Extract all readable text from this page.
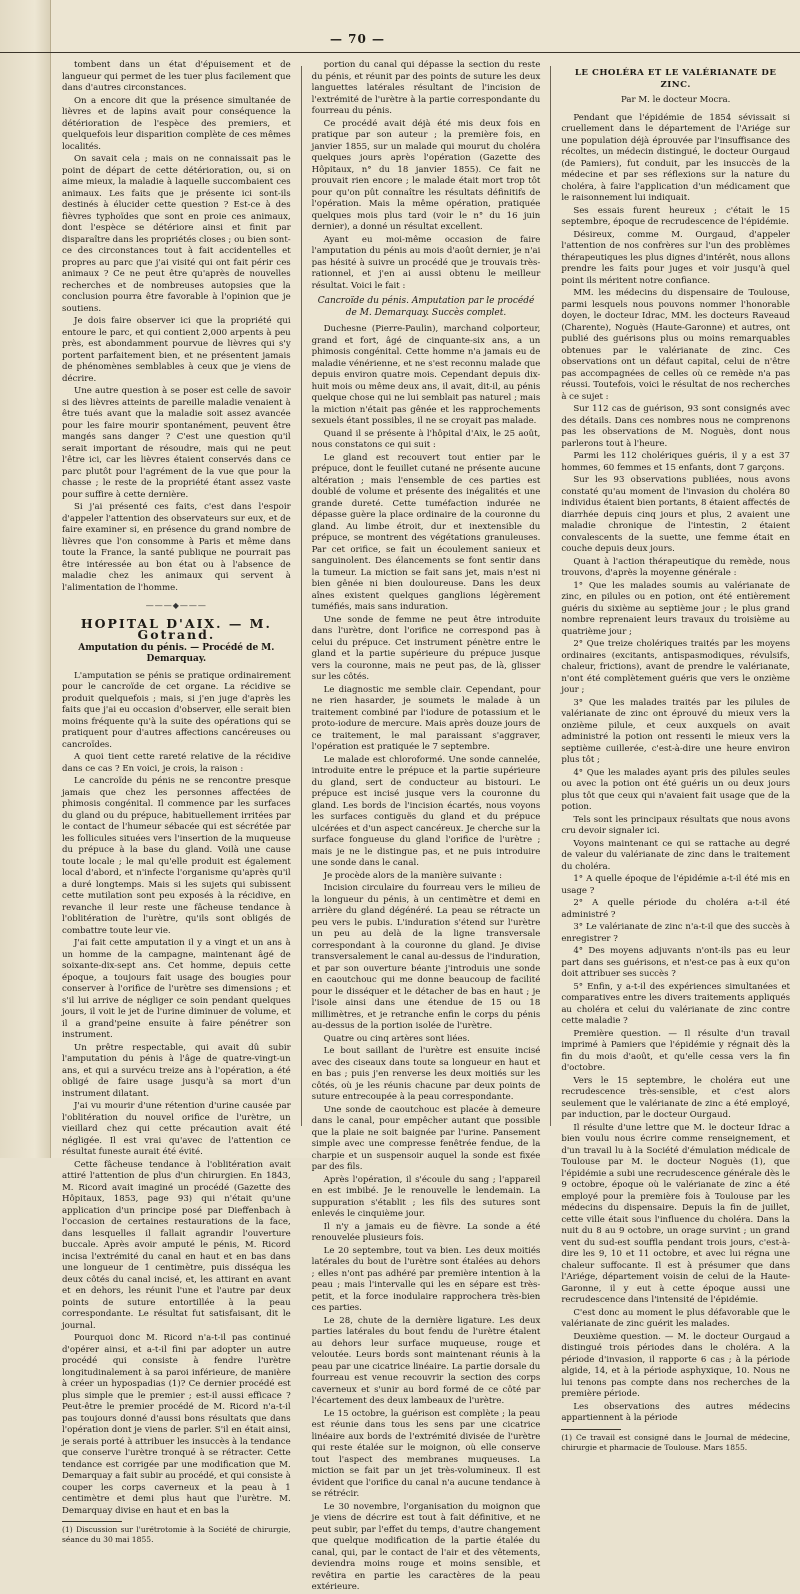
— 70 —

tombent dans un état d'épuisement et de langueur qui permet de les tuer plus facilement que dans d'autres circonstances.

On a encore dit que la présence simultanée de lièvres et de lapins avait pour conséquence la détérioration de l'espèce des premiers, et quelquefois leur disparition complète de ces mêmes localités.

On savait cela ; mais on ne connaissait pas le point de départ de cette détérioration, ou, si on aime mieux, la maladie à laquelle succombaient ces animaux. Les faits que je présente ici sont-ils destinés à élucider cette question ? Est-ce à des fièvres typhoïdes que sont en proie ces animaux, dont l'espèce se détériore ainsi et finit par disparaître dans les propriétés closes ; ou bien sont-ce des circonstances tout à fait accidentelles et propres au parc que j'ai visité qui ont fait périr ces animaux ? Ce ne peut être qu'après de nouvelles recherches et de nombreuses autopsies que la conclusion pourra être favorable à l'opinion que je soutiens.

Je dois faire observer ici que la propriété qui entoure le parc, et qui contient 2,000 arpents à peu près, est abondamment pourvue de lièvres qui s'y portent parfaitement bien, et ne présentent jamais de phénomènes semblables à ceux que je viens de décrire.

Une autre question à se poser est celle de savoir si des lièvres atteints de pareille maladie venaient à être tués avant que la maladie soit assez avancée pour les faire mourir spontanément, peuvent être mangés sans danger ? C'est une question qu'il serait important de résoudre, mais qui ne peut l'être ici, car les lièvres étaient conservés dans ce parc plutôt pour l'agrément de la vue que pour la chasse ; le reste de la propriété étant assez vaste pour suffire à cette dernière.

Si j'ai présenté ces faits, c'est dans l'espoir d'appeler l'attention des observateurs sur eux, et de faire examiner si, en présence du grand nombre de lièvres que l'on consomme à Paris et même dans toute la France, la santé publique ne pourrait pas être intéressée au bon état ou à l'absence de maladie chez les animaux qui servent à l'alimentation de l'homme.

———◆———
HOPITAL D'AIX. — M. Gotrand.
Amputation du pénis. — Procédé de M. Demarquay.

L'amputation se pénis se pratique ordinairement pour le cancroïde de cet organe. La récidive se produit quelquefois ; mais, si j'en juge d'après les faits que j'ai eu occasion d'observer, elle serait bien moins fréquente qu'à la suite des opérations qui se pratiquent pour d'autres affections cancéreuses ou cancroïdes.

A quoi tient cette rareté relative de la récidive dans ce cas ? En voici, je crois, la raison :

Le cancroïde du pénis ne se rencontre presque jamais que chez les personnes affectées de phimosis congénital. Il commence par les surfaces du gland ou du prépuce, habituellement irritées par le contact de l'humeur sébacée qui est sécrétée par les follicules situées vers l'insertion de la muqueuse du prépuce à la base du gland. Voilà une cause toute locale ; le mal qu'elle produit est également local d'abord, et n'infecte l'organisme qu'après qu'il a duré longtemps. Mais si les sujets qui subissent cette mutilation sont peu exposés à la récidive, en revanche il leur reste une fâcheuse tendance à l'oblitération de l'urètre, qu'ils sont obligés de combattre toute leur vie.

J'ai fait cette amputation il y a vingt et un ans à un homme de la campagne, maintenant âgé de soixante-dix-sept ans. Cet homme, depuis cette époque, a toujours fait usage des bougies pour conserver à l'orifice de l'urètre ses dimensions ; et s'il lui arrive de négliger ce soin pendant quelques jours, il voit le jet de l'urine diminuer de volume, et il a grand'peine ensuite à faire pénétrer son instrument.

Un prêtre respectable, qui avait dû subir l'amputation du pénis à l'âge de quatre-vingt-un ans, et qui a survécu treize ans à l'opération, a été obligé de faire usage jusqu'à sa mort d'un instrument dilatant.

J'ai vu mourir d'une rétention d'urine causée par l'oblitération du nouvel orifice de l'urètre, un vieillard chez qui cette précaution avait été négligée. Il est vrai qu'avec de l'attention ce résultat funeste aurait été évité.

Cette fâcheuse tendance à l'oblitération avait attiré l'attention de plus d'un chirurgien. En 1843, M. Ricord avait imaginé un procédé (Gazette des Hôpitaux, 1853, page 93) qui n'était qu'une application d'un principe posé par Dieffenbach à l'occasion de certaines restaurations de la face, dans lesquelles il fallait agrandir l'ouverture buccale. Après avoir amputé le pénis, M. Ricord incisa l'extrémité du canal en haut et en bas dans une longueur de 1 centimètre, puis disséqua les deux côtés du canal incisé, et, les attirant en avant et en dehors, les réunit l'une et l'autre par deux points de suture entortillée à la peau correspondante. Le résultat fut satisfaisant, dit le journal.

Pourquoi donc M. Ricord n'a-t-il pas continué d'opérer ainsi, et a-t-il fini par adopter un autre procédé qui consiste à fendre l'urètre longitudinalement à sa paroi inférieure, de manière à créer un hypospadias (1)? Ce dernier procédé est plus simple que le premier ; est-il aussi efficace ? Peut-être le premier procédé de M. Ricord n'a-t-il pas toujours donné d'aussi bons résultats que dans l'opération dont je viens de parler. S'il en était ainsi, je serais porté à attribuer les insuccès à la tendance que conserve l'urètre tronqué à se rétracter. Cette tendance est corrigée par une modification que M. Demarquay a fait subir au procédé, et qui consiste à couper les corps caverneux et la peau à 1 centimètre et demi plus haut que l'urètre. M. Demarquay divise en haut et en bas la

(1) Discussion sur l'urétrotomie à la Société de chirurgie, séance du 30 mai 1855.

portion du canal qui dépasse la section du reste du pénis, et réunit par des points de suture les deux languettes latérales résultant de l'incision de l'extrémité de l'urètre à la partie correspondante du fourreau du pénis.

Ce procédé avait déjà été mis deux fois en pratique par son auteur ; la première fois, en janvier 1855, sur un malade qui mourut du choléra quelques jours après l'opération (Gazette des Hôpitaux, n° du 18 janvier 1855). Ce fait ne prouvait rien encore ; le malade était mort trop tôt pour qu'on pût connaître les résultats définitifs de l'opération. Mais la même opération, pratiquée quelques mois plus tard (voir le n° du 16 juin dernier), a donné un résultat excellent.

Ayant eu moi-même occasion de faire l'amputation du pénis au mois d'août dernier, je n'ai pas hésité à suivre un procédé que je trouvais très-rationnel, et j'en ai aussi obtenu le meilleur résultat. Voici le fait :

Cancroïde du pénis. Amputation par le procédé de M. Demarquay. Succès complet.

Duchesne (Pierre-Paulin), marchand colporteur, grand et fort, âgé de cinquante-six ans, a un phimosis congénital. Cette homme n'a jamais eu de maladie vénérienne, et ne s'est reconnu malade que depuis environ quatre mois. Cependant depuis dix-huit mois ou même deux ans, il avait, dit-il, au pénis quelque chose qui ne lui semblait pas naturel ; mais la miction n'était pas gênée et les rapprochements sexuels étant possibles, il ne se croyait pas malade.

Quand il se présente à l'hôpital d'Aix, le 25 août, nous constatons ce qui suit :

Le gland est recouvert tout entier par le prépuce, dont le feuillet cutané ne présente aucune altération ; mais l'ensemble de ces parties est doublé de volume et présente des inégalités et une grande dureté. Cette tuméfaction indurée ne dépasse guère la place ordinaire de la couronne du gland. Au limbe étroit, dur et inextensible du prépuce, se montrent des végétations granuleuses. Par cet orifice, se fait un écoulement sanieux et sanguinolent. Des élancements se font sentir dans la tumeur. La miction se fait sans jet, mais n'est ni bien gênée ni bien douloureuse. Dans les deux aînes existent quelques ganglions légèrement tuméfiés, mais sans induration.

Une sonde de femme ne peut être introduite dans l'urètre, dont l'orifice ne correspond pas à celui du prépuce. Cet instrument pénètre entre le gland et la partie supérieure du prépuce jusque vers la couronne, mais ne peut pas, de là, glisser sur les côtés.

Le diagnostic me semble clair. Cependant, pour ne rien hasarder, je soumets le malade à un traitement combiné par l'iodure de potassium et le proto-iodure de mercure. Mais après douze jours de ce traitement, le mal paraissant s'aggraver, l'opération est pratiquée le 7 septembre.

Le malade est chloroformé. Une sonde cannelée, introduite entre le prépuce et la partie supérieure du gland, sert de conducteur au bistouri. Le prépuce est incisé jusque vers la couronne du gland. Les bords de l'incision écartés, nous voyons les surfaces contiguës du gland et du prépuce ulcérées et d'un aspect cancéreux. Je cherche sur la surface fongueuse du gland l'orifice de l'urètre ; mais je ne le distingue pas, et ne puis introduire une sonde dans le canal.

Je procède alors de la manière suivante :

Incision circulaire du fourreau vers le milieu de la longueur du pénis, à un centimètre et demi en arrière du gland dégénéré. La peau se rétracte un peu vers le pubis. L'induration s'étend sur l'urètre un peu au delà de la ligne transversale correspondant à la couronne du gland. Je divise transversalement le canal au-dessus de l'induration, et par son ouverture béante j'introduis une sonde en caoutchouc qui me donne beaucoup de facilité pour le disséquer et le détacher de bas en haut ; je l'isole ainsi dans une étendue de 15 ou 18 millimètres, et je retranche enfin le corps du pénis au-dessus de la portion isolée de l'urètre.

Quatre ou cinq artères sont liées.

Le bout saillant de l'urètre est ensuite incisé avec des ciseaux dans toute sa longueur en haut et en bas ; puis j'en renverse les deux moitiés sur les côtés, où je les réunis chacune par deux points de suture entrecoupée à la peau correspondante.

Une sonde de caoutchouc est placée à demeure dans le canal, pour empêcher autant que possible que la plaie ne soit baignée par l'urine. Pansement simple avec une compresse fenêtrée fendue, de la charpie et un suspensoir auquel la sonde est fixée par des fils.

Après l'opération, il s'écoule du sang ; l'appareil en est imbibé. Je le renouvelle le lendemain. La suppuration s'établit ; les fils des sutures sont enlevés le cinquième jour.

Il n'y a jamais eu de fièvre. La sonde a été renouvelée plusieurs fois.

Le 20 septembre, tout va bien. Les deux moitiés latérales du bout de l'urètre sont étalées au dehors ; elles n'ont pas adhéré par première intention à la peau ; mais l'intervalle qui les en sépare est très-petit, et la force inodulaire rapprochera très-bien ces parties.

Le 28, chute de la dernière ligature. Les deux parties latérales du bout fendu de l'urètre étalent au dehors leur surface muqueuse, rouge et veloutée. Leurs bords sont maintenant réunis à la peau par une cicatrice linéaire. La partie dorsale du fourreau est venue recouvrir la section des corps caverneux et s'unir au bord formé de ce côté par l'écartement des deux lambeaux de l'urètre.

Le 15 octobre, la guérison est complète ; la peau est réunie dans tous les sens par une cicatrice linéaire aux bords de l'extrémité divisée de l'urètre qui reste étalée sur le moignon, où elle conserve tout l'aspect des membranes muqueuses. La miction se fait par un jet très-volumineux. Il est évident que l'orifice du canal n'a aucune tendance à se rétrécir.

Le 30 novembre, l'organisation du moignon que je viens de décrire est tout à fait définitive, et ne peut subir, par l'effet du temps, d'autre changement que quelque modification de la partie étalée du canal, qui, par le contact de l'air et des vêtements, deviendra moins rouge et moins sensible, et revêtira en partie les caractères de la peau extérieure.

LE CHOLÉRA ET LE VALÉRIANATE DE ZINC.
Par M. le docteur Mocra.

Pendant que l'épidémie de 1854 sévissait si cruellement dans le département de l'Ariége sur une population déjà éprouvée par l'insuffisance des récoltes, un médecin distingué, le docteur Ourgaud (de Pamiers), fut conduit, par les insuccès de la médecine et par ses réflexions sur la nature du choléra, à faire l'application d'un médicament que le raisonnement lui indiquait.

Ses essais furent heureux ; c'était le 15 septembre, époque de recrudescence de l'épidémie.

Désireux, comme M. Ourgaud, d'appeler l'attention de nos confrères sur l'un des problèmes thérapeutiques les plus dignes d'intérêt, nous allons prendre les faits pour juges et voir jusqu'à quel point ils méritent notre confiance.

MM. les médecins du dispensaire de Toulouse, parmi lesquels nous pouvons nommer l'honorable doyen, le docteur Idrac, MM. les docteurs Raveaud (Charente), Noguès (Haute-Garonne) et autres, ont publié des guérisons plus ou moins remarquables obtenues par le valérianate de zinc. Ces observations ont un défaut capital, celui de n'être pas accompagnées de celles où ce remède n'a pas réussi. Toutefois, voici le résultat de nos recherches à ce sujet :

Sur 112 cas de guérison, 93 sont consignés avec des détails. Dans ces nombres nous ne comprenons pas les observations de M. Noguès, dont nous parlerons tout à l'heure.

Parmi les 112 cholériques guéris, il y a est 37 hommes, 60 femmes et 15 enfants, dont 7 garçons.

Sur les 93 observations publiées, nous avons constaté qu'au moment de l'invasion du choléra 80 individus étaient bien portants, 8 étaient affectés de diarrhée depuis cinq jours et plus, 2 avaient une maladie chronique de l'intestin, 2 étaient convalescents de la suette, une femme était en couche depuis deux jours.

Quant à l'action thérapeutique du remède, nous trouvons, d'après la moyenne générale :

1° Que les malades soumis au valérianate de zinc, en pilules ou en potion, ont été entièrement guéris du sixième au septième jour ; le plus grand nombre reprenaient leurs travaux du troisième au quatrième jour ;

2° Que treize cholériques traités par les moyens ordinaires (excitants, antispasmodiques, révulsifs, chaleur, frictions), avant de prendre le valérianate, n'ont été complètement guéris que vers le onzième jour ;

3° Que les malades traités par les pilules de valérianate de zinc ont éprouvé du mieux vers la onzième pilule, et ceux auxquels on avait administré la potion ont ressenti le mieux vers la septième cuillerée, c'est-à-dire une heure environ plus tôt ;

4° Que les malades ayant pris des pilules seules ou avec la potion ont été guéris un ou deux jours plus tôt que ceux qui n'avaient fait usage que de la potion.

Tels sont les principaux résultats que nous avons cru devoir signaler ici.

Voyons maintenant ce qui se rattache au degré de valeur du valérianate de zinc dans le traitement du choléra.

1° A quelle époque de l'épidémie a-t-il été mis en usage ?

2° A quelle période du choléra a-t-il été administré ?

3° Le valérianate de zinc n'a-t-il que des succès à enregistrer ?

4° Des moyens adjuvants n'ont-ils pas eu leur part dans ses guérisons, et n'est-ce pas à eux qu'on doit attribuer ses succès ?

5° Enfin, y a-t-il des expériences simultanées et comparatives entre les divers traitements appliqués au choléra et celui du valérianate de zinc contre cette maladie ?

Première question. — Il résulte d'un travail imprimé à Pamiers que l'épidémie y régnait dès la fin du mois d'août, et qu'elle cessa vers la fin d'octobre.

Vers le 15 septembre, le choléra eut une recrudescence très-sensible, et c'est alors seulement que le valérianate de zinc a été employé, par induction, par le docteur Ourgaud.

Il résulte d'une lettre que M. le docteur Idrac a bien voulu nous écrire comme renseignement, et d'un travail lu à la Société d'émulation médicale de Toulouse par M. le docteur Noguès (1), que l'épidémie a subi une recrudescence générale dès le 9 octobre, époque où le valérianate de zinc a été employé pour la première fois à Toulouse par les médecins du dispensaire. Depuis la fin de juillet, cette ville était sous l'influence du choléra. Dans la nuit du 8 au 9 octobre, un orage survint ; un grand vent du sud-est souffla pendant trois jours, c'est-à-dire les 9, 10 et 11 octobre, et avec lui régna une chaleur suffocante. Il est à présumer que dans l'Ariége, département voisin de celui de la Haute-Garonne, il y eut à cette époque aussi une recrudescence dans l'intensité de l'épidémie.

C'est donc au moment le plus défavorable que le valérianate de zinc guérit les malades.

Deuxième question. — M. le docteur Ourgaud a distingué trois périodes dans le choléra. A la période d'invasion, il rapporte 6 cas ; à la période algide, 14, et à la période asphyxique, 10. Nous ne lui tenons pas compte dans nos recherches de la première période.

Les observations des autres médecins appartiennent à la période

(1) Ce travail est consigné dans le Journal de médecine, chirurgie et pharmacie de Toulouse. Mars 1855.
